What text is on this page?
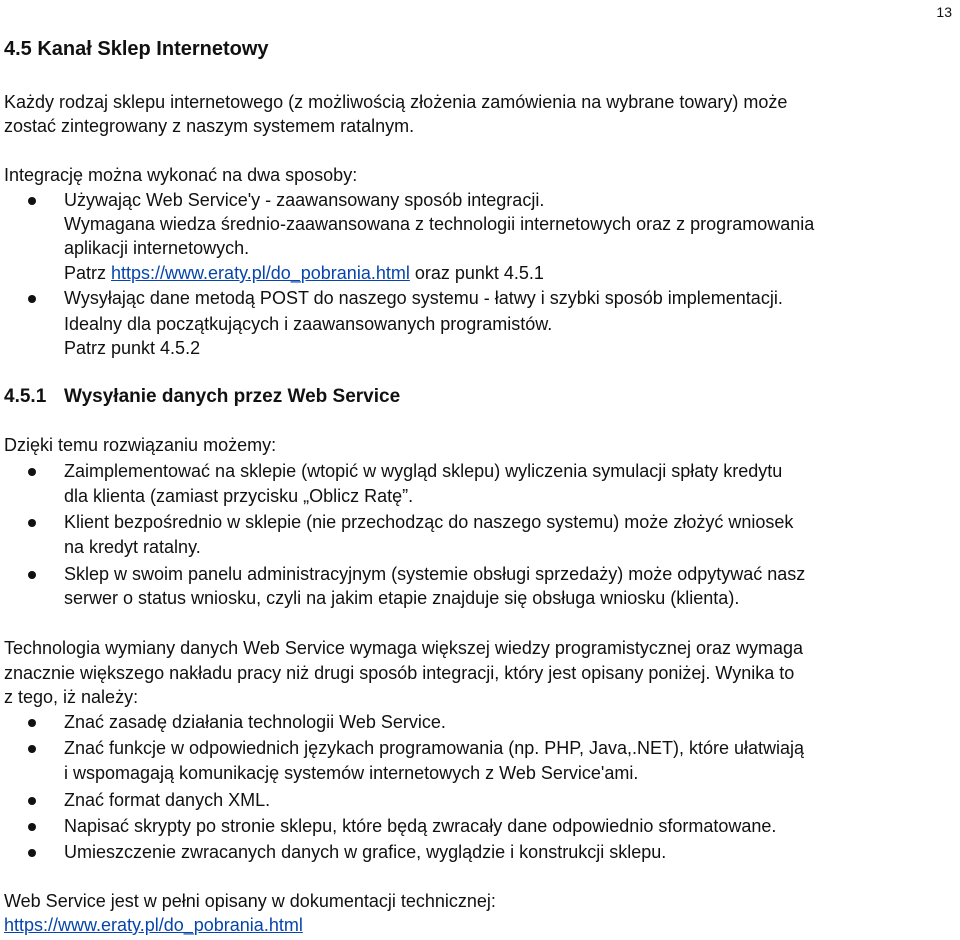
13
4.5 Kanał Sklep Internetowy
Każdy rodzaj sklepu internetowego (z możliwością złożenia zamówienia na wybrane towary) może
zostać zintegrowany z naszym systemem ratalnym.
Integrację można wykonać na dwa sposoby:
Używając Web Service'y - zaawansowany sposób integracji.
Wymagana wiedza średnio-zaawansowana z technologii internetowych oraz z programowania
aplikacji internetowych.
Patrz https://www.eraty.pl/do_pobrania.html oraz punkt 4.5.1
Wysyłając dane metodą POST do naszego systemu - łatwy i szybki sposób implementacji.
Idealny dla początkujących i zaawansowanych programistów.
Patrz punkt 4.5.2
4.5.1 Wysyłanie danych przez Web Service
Dzięki temu rozwiązaniu możemy:
Zaimplementować na sklepie (wtopić w wygląd sklepu) wyliczenia symulacji spłaty kredytu
dla klienta (zamiast przycisku „Oblicz Ratę”.
Klient bezpośrednio w sklepie (nie przechodząc do naszego systemu) może złożyć wniosek
na kredyt ratalny.
Sklep w swoim panelu administracyjnym (systemie obsługi sprzedaży) może odpytywać nasz
serwer o status wniosku, czyli na jakim etapie znajduje się obsługa wniosku (klienta).
Technologia wymiany danych Web Service wymaga większej wiedzy programistycznej oraz wymaga
znacznie większego nakładu pracy niż drugi sposób integracji, który jest opisany poniżej. Wynika to
z tego, iż należy:
Znać zasadę działania technologii Web Service.
Znać funkcje w odpowiednich językach programowania (np. PHP, Java,.NET), które ułatwiają
i wspomagają komunikację systemów internetowych z Web Service'ami.
Znać format danych XML.
Napisać skrypty po stronie sklepu, które będą zwracały dane odpowiednio sformatowane.
Umieszczenie zwracanych danych w grafice, wyglądzie i konstrukcji sklepu.
Web Service jest w pełni opisany w dokumentacji technicznej:
https://www.eraty.pl/do_pobrania.html
